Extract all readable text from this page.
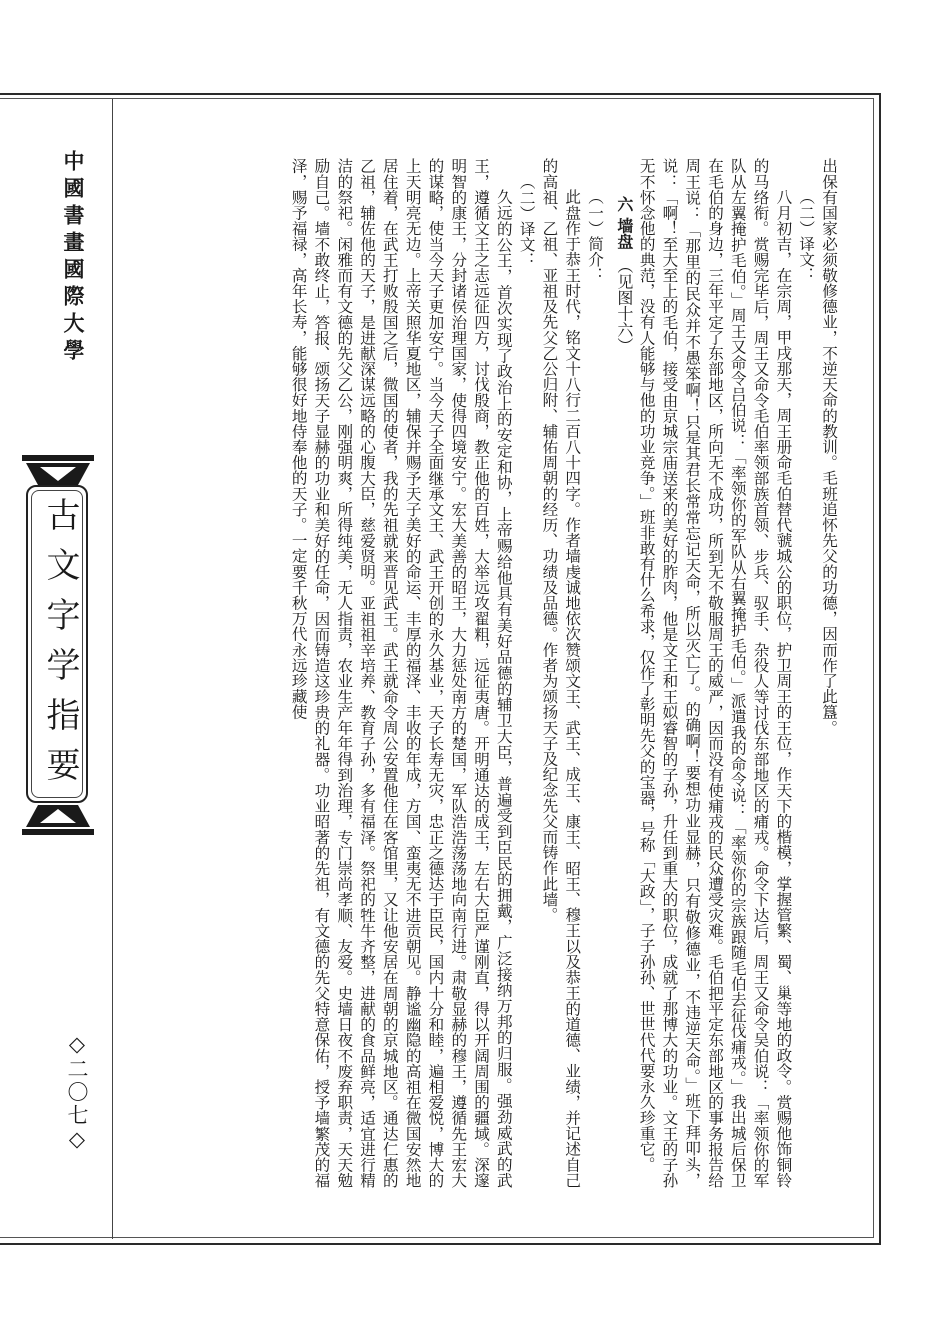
中國書畫國際大學
古文字学指要
◇二〇七◇

出保有国家必须敬修德业，不逆天命的教训。毛班追怀先父的功德，因而作了此簋。

（二）译文：

八月初吉，在宗周，甲戌那天，周王册命毛伯替代虢城公的职位，护卫周王的王位，作天下的楷模，掌握管繁、蜀、巢等地的政令。赏赐他饰铜铃的马络衔。赏赐完毕后，周王又命令毛伯率领部族首领、步兵、驭手、杂役人等讨伐东部地区的痡戎。命令下达后，周王又命令吴伯说：「率领你的军队从左翼掩护毛伯。」周王又命令吕伯说：「率领你的军队从右翼掩护毛伯。」派遣我的命令说：「率领你的宗族跟随毛伯去征伐痡戎。」我出城后保卫在毛伯的身边，三年平定了东部地区，所向无不成功，所到无不敬服周王的威严，因而没有使痡戎的民众遭受灾难。毛伯把平定东部地区的事务报告给周王说：「那里的民众并不愚笨啊！只是其君长常常忘记天命，所以灭亡了。的确啊！要想功业显赫，只有敬修德业，不违逆天命。」班下拜叩头，说：「啊！至大至上的毛伯，接受由京城宗庙送来的美好的胙肉，他是文王和王姒睿智的子孙，升任到重大的职位，成就了那博大的功业。文王的子孙无不怀念他的典范，没有人能够与他的功业竞争。」班非敢有什么希求，仅作了彰明先父的宝器，号称「大政」，子子孙孙、世世代代要永久珍重它。

六 墙盘　（见图十六）

（一）简介：

此盘作于恭王时代，铭文十八行二百八十四字。作者墙虔诚地依次赞颂文王、武王、成王、康王、昭王、穆王以及恭王的道德、业绩，并记述自己的高祖、乙祖、亚祖及先父乙公归附、辅佑周朝的经历、功绩及品德。作者为颂扬天子及纪念先父而铸作此墙。

（二）译文：

久远的公王，首次实现了政治上的安定和协，上帝赐给他具有美好品德的辅卫大臣，普遍受到臣民的拥戴，广泛接纳万邦的归服。强劲威武的武王，遵循文王之志远征四方，讨伐殷商，教正他的百姓，大举远攻翟粗，远征夷唐。开明通达的成王，左右大臣严谨刚直，得以开阔周围的疆域。深邃明智的康王，分封诸侯治理国家，使得四境安宁。宏大美善的昭王，大力惩处南方的楚国，军队浩浩荡荡地向南行进。肃敬显赫的穆王，遵循先王宏大的谋略，使当今天子更加安宁。当今天子全面继承文王、武王开创的永久基业，天子长寿无灾，忠正之德达于臣民，国内十分和睦，遍相爱悦，博大的上天明亮无边。上帝关照华夏地区，辅保并赐予天子美好的命运、丰厚的福泽、丰收的年成，方国、蛮夷无不进贡朝见。静谧幽隐的高祖在微国安然地居住着，在武王打败殷国之后，微国的使者，我的先祖就来晋见武王。武王就命令周公安置他住在客馆里，又让他安居在周朝的京城地区。通达仁惠的乙祖，辅佐他的天子，是进献深谋远略的心腹大臣，慈爱贤明。亚祖祖辛培养、教育子孙，多有福泽。祭祀的牲牛齐整，进献的食品鲜亮，适宜进行精洁的祭祀。闲雅而有文德的先父乙公，刚强明爽，所得纯美，无人指责，农业生产年年得到治理，专门崇尚孝顺、友爱。史墙日夜不废弃职责，天天勉励自己。墙不敢终止，答报、颂扬天子显赫的功业和美好的任命，因而铸造这珍贵的礼器。功业昭著的先祖，有文德的先父特意保佑，授予墙繁茂的福泽，赐予福禄，高年长寿，能够很好地侍奉他的天子。一定要千秋万代永远珍藏使
